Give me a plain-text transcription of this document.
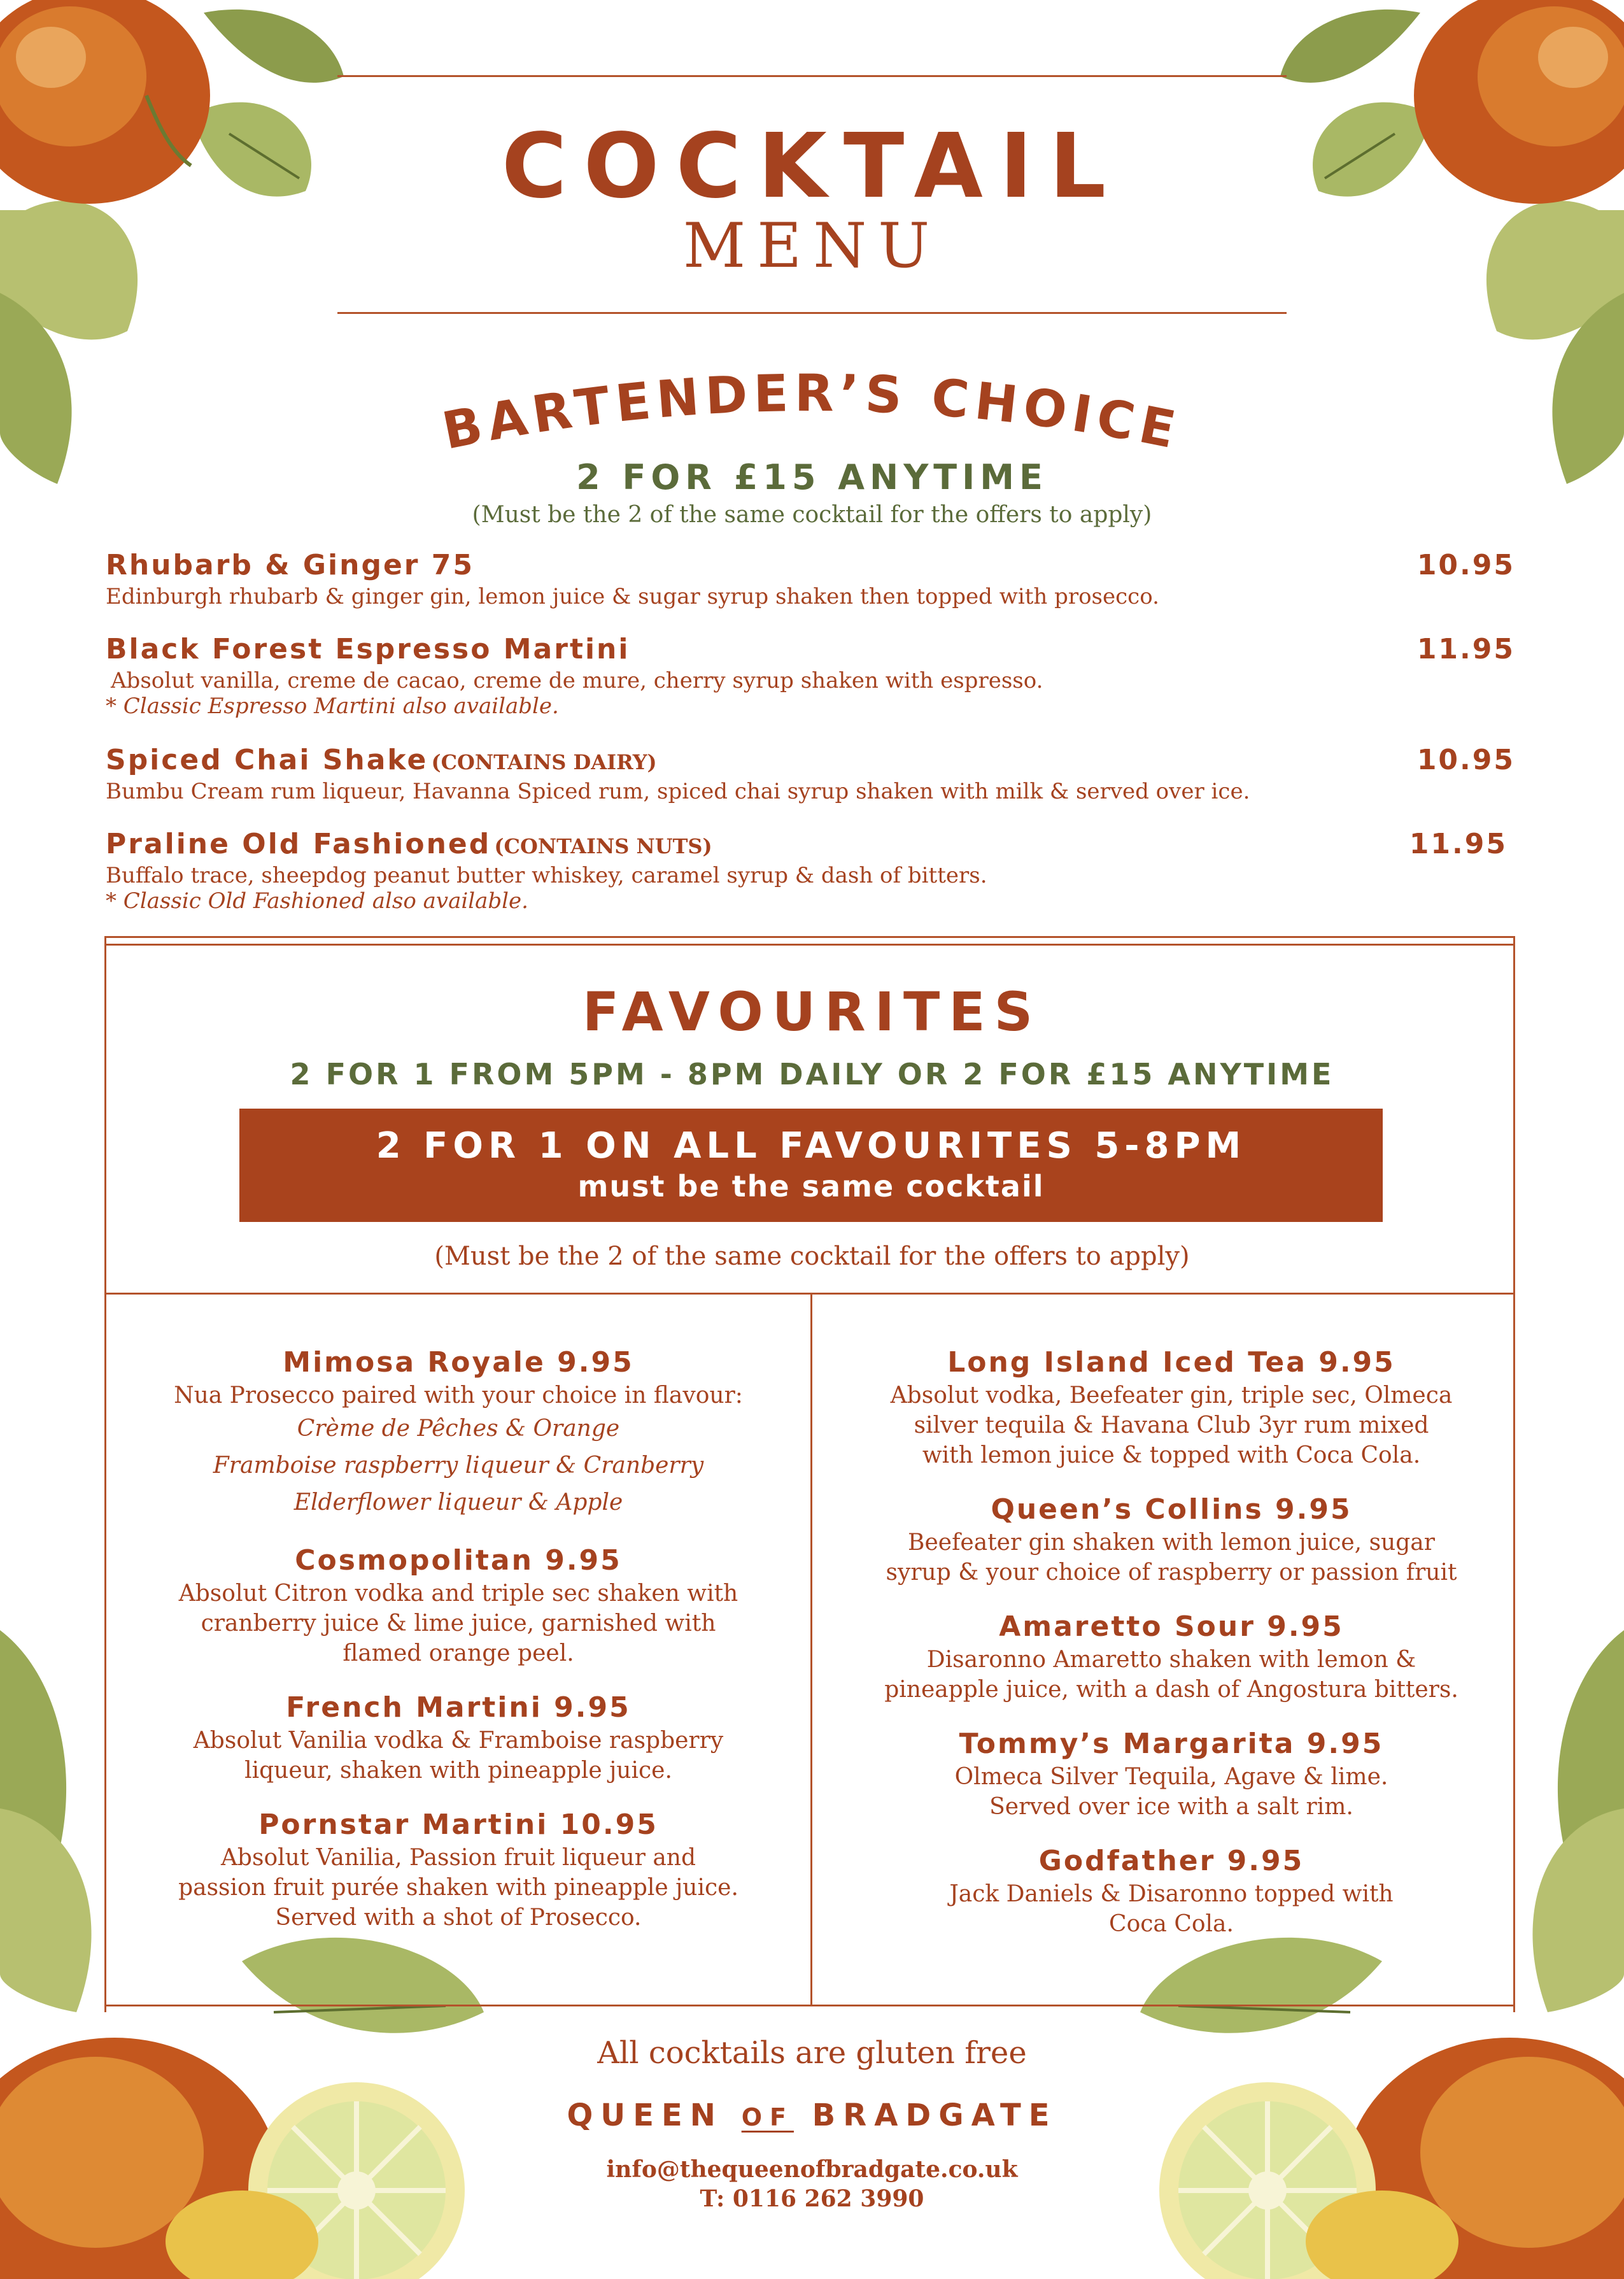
COCKTAIL
MENU
BARTENDER’S CHOICE
2 FOR £15 ANYTIME
(Must be the 2 of the same cocktail for the offers to apply)
Rhubarb & Ginger 75	10.95
Edinburgh rhubarb & ginger gin, lemon juice & sugar syrup shaken then topped with prosecco.
Black Forest Espresso Martini	11.95
Absolut vanilla, creme de cacao, creme de mure, cherry syrup shaken with espresso.
* Classic Espresso Martini also available.
Spiced Chai Shake (CONTAINS DAIRY)	10.95
Bumbu Cream rum liqueur, Havanna Spiced rum, spiced chai syrup shaken with milk & served over ice.
Praline Old Fashioned (CONTAINS NUTS)	11.95
Buffalo trace, sheepdog peanut butter whiskey, caramel syrup & dash of bitters.
* Classic Old Fashioned also available.
FAVOURITES
2 FOR 1 FROM 5PM - 8PM DAILY OR 2 FOR £15 ANYTIME
2 FOR 1 ON ALL FAVOURITES 5-8PM
must be the same cocktail
(Must be the 2 of the same cocktail for the offers to apply)
Mimosa Royale 9.95
Nua Prosecco paired with your choice in flavour:
Crème de Pêches & Orange
Framboise raspberry liqueur & Cranberry
Elderflower liqueur & Apple
Cosmopolitan 9.95
Absolut Citron vodka and triple sec shaken with
cranberry juice & lime juice, garnished with
flamed orange peel.
French Martini 9.95
Absolut Vanilia vodka & Framboise raspberry
liqueur, shaken with pineapple juice.
Pornstar Martini 10.95
Absolut Vanilia, Passion fruit liqueur and
passion fruit purée shaken with pineapple juice.
Served with a shot of Prosecco.
Long Island Iced Tea 9.95
Absolut vodka, Beefeater gin, triple sec, Olmeca
silver tequila & Havana Club 3yr rum mixed
with lemon juice & topped with Coca Cola.
Queen’s Collins 9.95
Beefeater gin shaken with lemon juice, sugar
syrup & your choice of raspberry or passion fruit
Amaretto Sour 9.95
Disaronno Amaretto shaken with lemon &
pineapple juice, with a dash of Angostura bitters.
Tommy’s Margarita 9.95
Olmeca Silver Tequila, Agave & lime.
Served over ice with a salt rim.
Godfather 9.95
Jack Daniels & Disaronno topped with
Coca Cola.
All cocktails are gluten free
QUEEN OF BRADGATE
info@thequeenofbradgate.co.uk
T: 0116 262 3990
